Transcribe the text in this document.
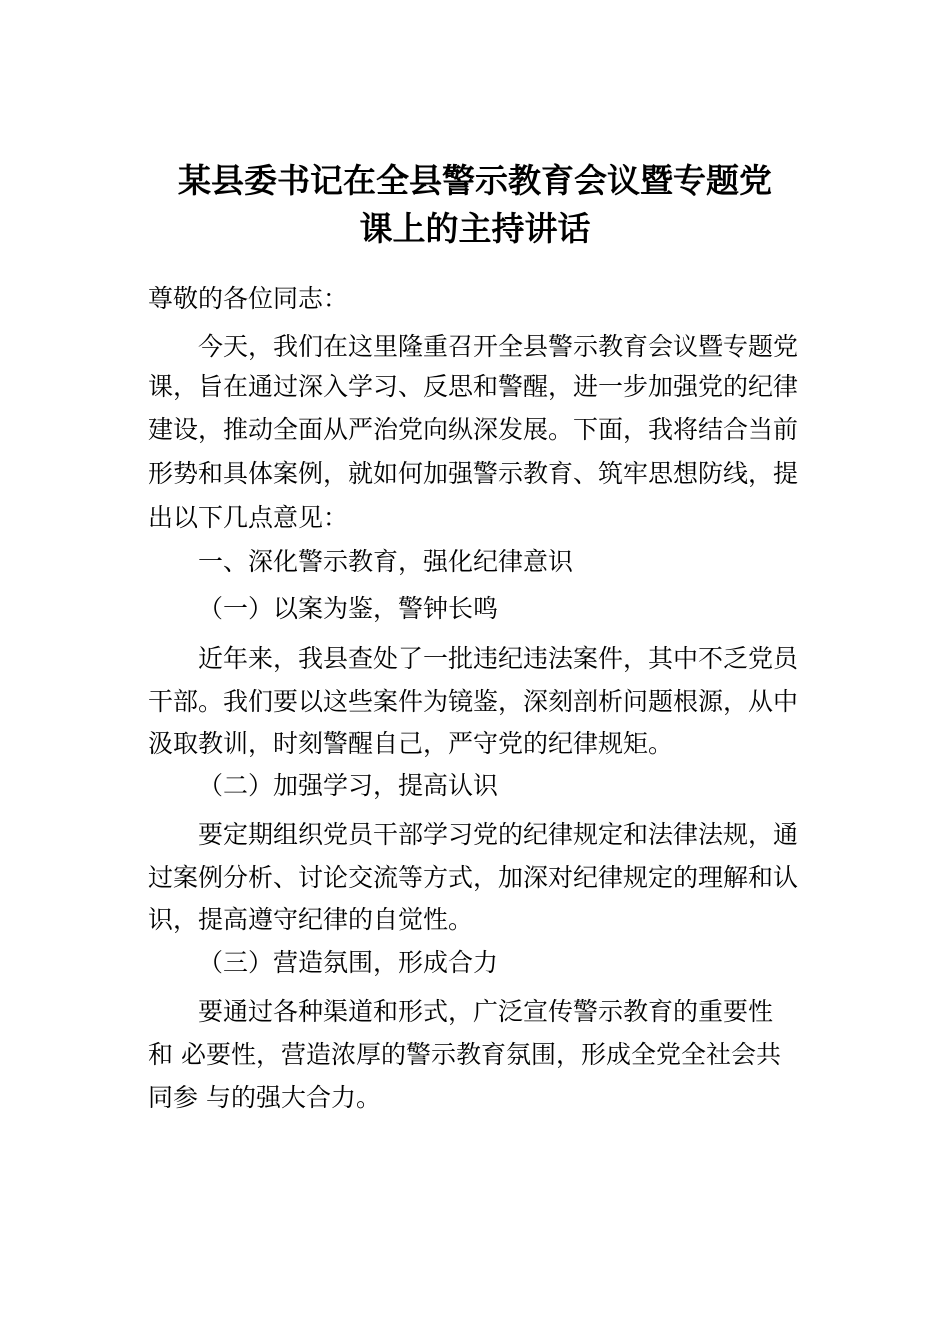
某县委书记在全县警示教育会议暨专题党
课上的主持讲话

尊敬的各位同志：

今天，我们在这里隆重召开全县警示教育会议暨专题党

课，旨在通过深入学习、反思和警醒，进一步加强党的纪律

建设，推动全面从严治党向纵深发展。下面，我将结合当前

形势和具体案例，就如何加强警示教育、筑牢思想防线，提

出以下几点意见：

一、深化警示教育，强化纪律意识

（一）以案为鉴，警钟长鸣

近年来，我县查处了一批违纪违法案件，其中不乏党员

干部。我们要以这些案件为镜鉴，深刻剖析问题根源，从中

汲取教训，时刻警醒自己，严守党的纪律规矩。

（二）加强学习，提高认识

要定期组织党员干部学习党的纪律规定和法律法规，通

过案例分析、讨论交流等方式，加深对纪律规定的理解和认

识，提高遵守纪律的自觉性。

（三）营造氛围，形成合力

要通过各种渠道和形式，广泛宣传警示教育的重要性

和 必要性，营造浓厚的警示教育氛围，形成全党全社会共

同参 与的强大合力。
